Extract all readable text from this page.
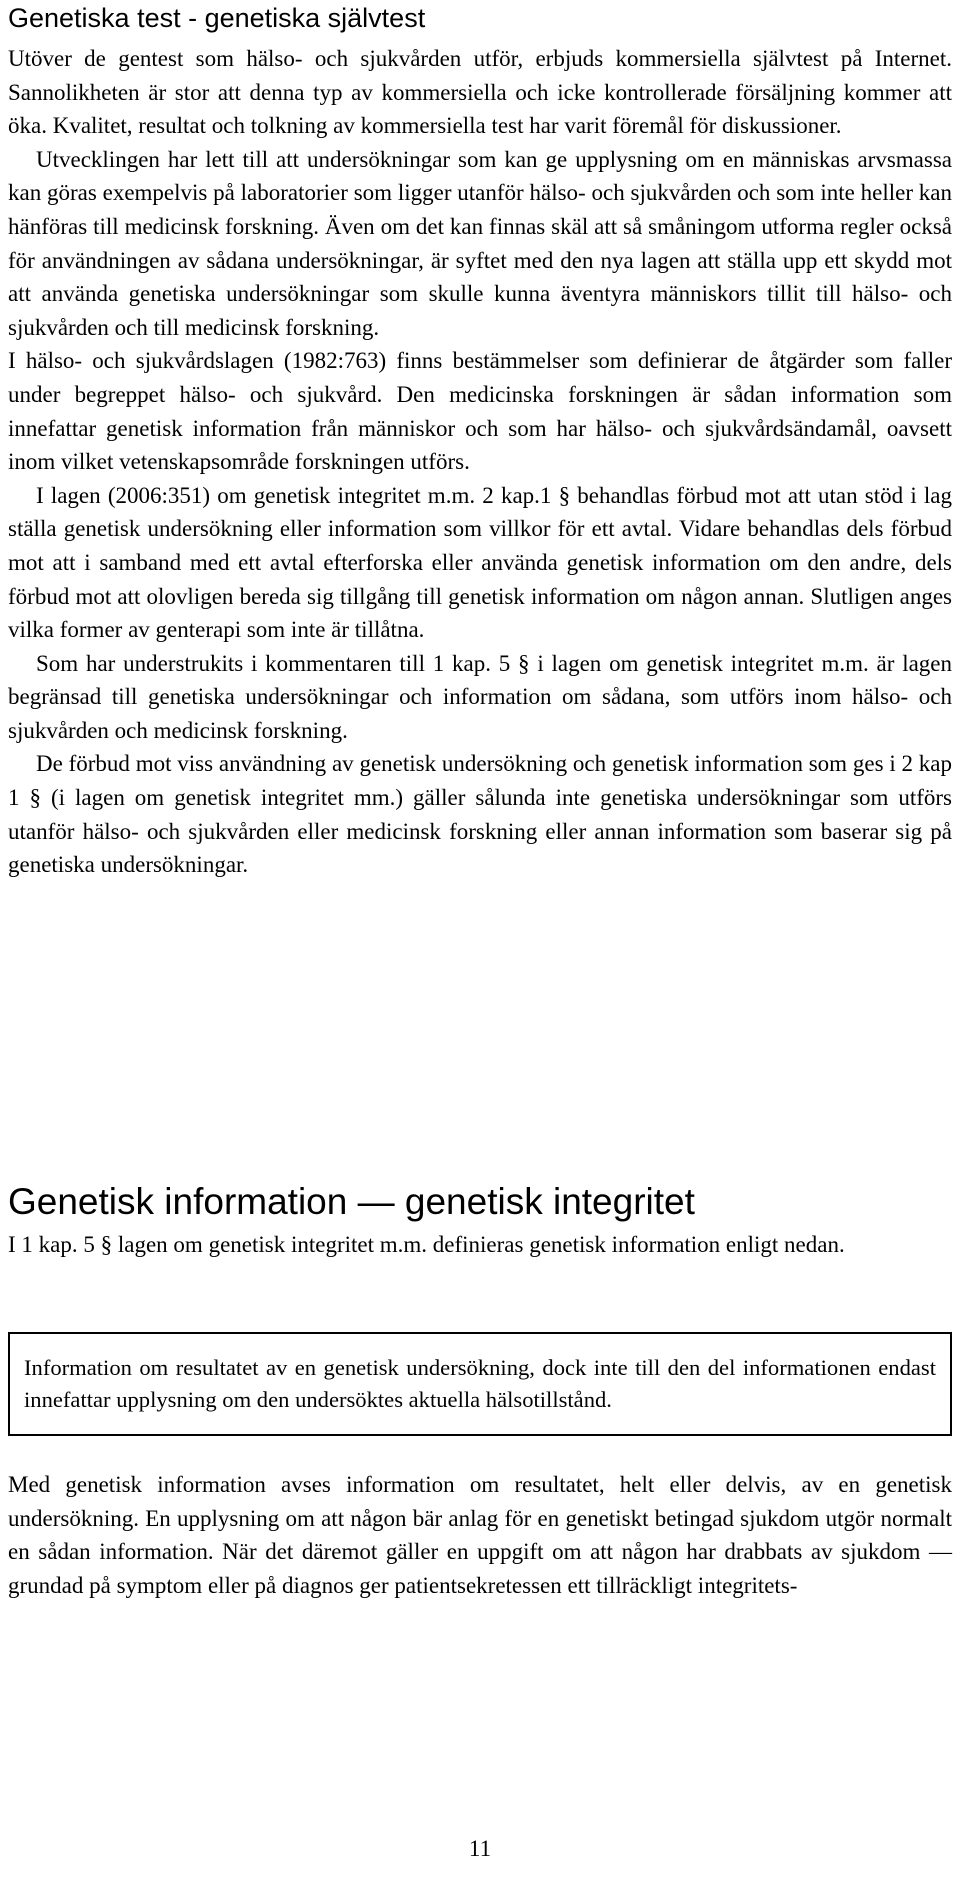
Genetiska test - genetiska självtest

Utöver de gentest som hälso- och sjukvården utför, erbjuds kommersiella självtest på Internet. Sannolikheten är stor att denna typ av kommersiella och icke kontrollerade försäljning kommer att öka. Kvalitet, resultat och tolkning av kommersiella test har varit föremål för diskussioner.

Utvecklingen har lett till att undersökningar som kan ge upplysning om en människas arvsmassa kan göras exempelvis på laboratorier som ligger utanför hälso- och sjukvården och som inte heller kan hänföras till medicinsk forskning. Även om det kan finnas skäl att så småningom utforma regler också för användningen av sådana undersökningar, är syftet med den nya lagen att ställa upp ett skydd mot att använda genetiska undersökningar som skulle kunna äventyra människors tillit till hälso- och sjukvården och till medicinsk forskning.

I hälso- och sjukvårdslagen (1982:763) finns bestämmelser som definierar de åtgärder som faller under begreppet hälso- och sjukvård. Den medicinska forskningen är sådan information som innefattar genetisk information från människor och som har hälso- och sjukvårdsändamål, oavsett inom vilket vetenskapsområde forskningen utförs.

I lagen (2006:351) om genetisk integritet m.m. 2 kap.1 § behandlas förbud mot att utan stöd i lag ställa genetisk undersökning eller information som villkor för ett avtal. Vidare behandlas dels förbud mot att i samband med ett avtal efterforska eller använda genetisk information om den andre, dels förbud mot att olovligen bereda sig tillgång till genetisk information om någon annan. Slutligen anges vilka former av genterapi som inte är tillåtna.

Som har understrukits i kommentaren till 1 kap. 5 § i lagen om genetisk integritet m.m. är lagen begränsad till genetiska undersökningar och information om sådana, som utförs inom hälso- och sjukvården och medicinsk forskning.

De förbud mot viss användning av genetisk undersökning och genetisk information som ges i 2 kap 1 § (i lagen om genetisk integritet mm.) gäller sålunda inte genetiska undersökningar som utförs utanför hälso- och sjukvården eller medicinsk forskning eller annan information som baserar sig på genetiska undersökningar.

Genetisk information — genetisk integritet

I 1 kap. 5 § lagen om genetisk integritet m.m. definieras genetisk information enligt nedan.

Information om resultatet av en genetisk undersökning, dock inte till den del informationen endast innefattar upplysning om den undersöktes aktuella hälsotillstånd.

Med genetisk information avses information om resultatet, helt eller delvis, av en genetisk undersökning. En upplysning om att någon bär anlag för en genetiskt betingad sjukdom utgör normalt en sådan information. När det däremot gäller en uppgift om att någon har drabbats av sjukdom — grundad på symptom eller på diagnos ger patientsekretessen ett tillräckligt integritets-

11
